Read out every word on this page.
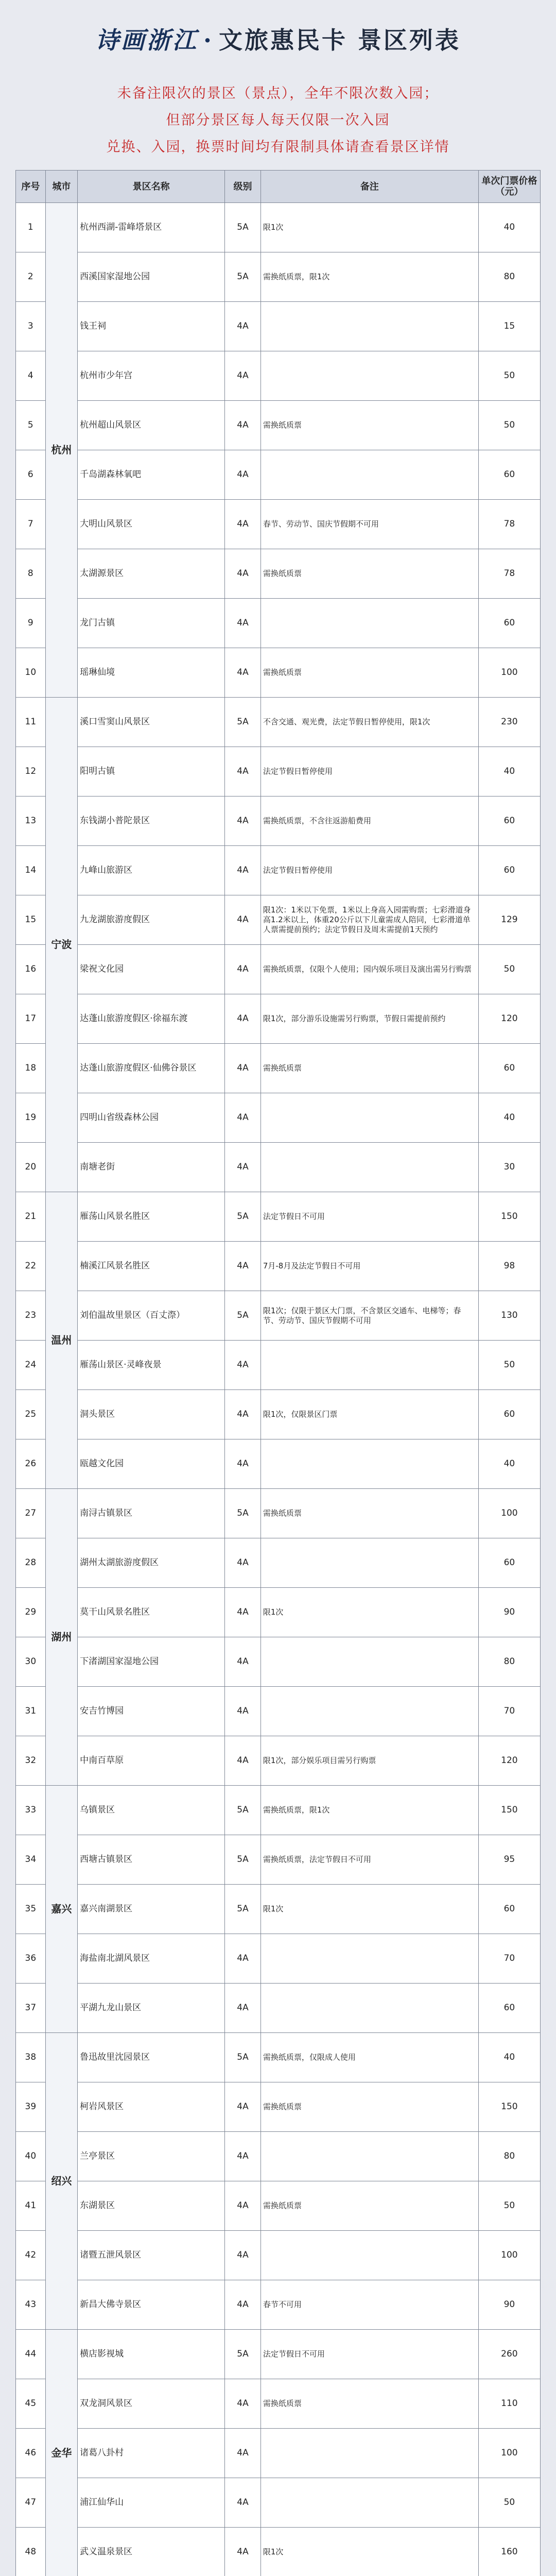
诗画浙江 · 文旅惠民卡 景区列表
未备注限次的景区（景点），全年不限次数入园；
但部分景区每人每天仅限一次入园
兑换、入园，换票时间均有限制具体请查看景区详情
序号	城市	景区名称	级别	备注	单次门票价格（元）
1	杭州	杭州西湖-雷峰塔景区	5A	限1次	40
2		西溪国家湿地公园	5A	需换纸质票，限1次	80
3		钱王祠	4A		15
4		杭州市少年宫	4A		50
5		杭州超山风景区	4A	需换纸质票	50
6		千岛湖森林氧吧	4A		60
7		大明山风景区	4A	春节、劳动节、国庆节假期不可用	78
8		太湖源景区	4A	需换纸质票	78
9		龙门古镇	4A		60
10		瑶琳仙境	4A	需换纸质票	100
11	宁波	溪口雪窦山风景区	5A	不含交通、观光费，法定节假日暂停使用，限1次	230
12		阳明古镇	4A	法定节假日暂停使用	40
13		东钱湖小普陀景区	4A	需换纸质票，不含往返游船费用	60
14		九峰山旅游区	4A	法定节假日暂停使用	60
15		九龙湖旅游度假区	4A	限1次：1米以下免票，1米以上身高入园需购票；七彩滑道身高1.2米以上，体重20公斤以下儿童需成人陪同，七彩滑道单人票需提前预约；法定节假日及周末需提前1天预约	129
16		梁祝文化园	4A	需换纸质票，仅限个人使用；园内娱乐项目及演出需另行购票	50
17		达蓬山旅游度假区·徐福东渡	4A	限1次，部分游乐设施需另行购票，节假日需提前预约	120
18		达蓬山旅游度假区·仙佛谷景区	4A	需换纸质票	60
19		四明山省级森林公园	4A		40
20		南塘老街	4A		30
21	温州	雁荡山风景名胜区	5A	法定节假日不可用	150
22		楠溪江风景名胜区	4A	7月-8月及法定节假日不可用	98
23		刘伯温故里景区（百丈漈）	5A	限1次；仅限于景区大门票，不含景区交通车、电梯等；春节、劳动节、国庆节假期不可用	130
24		雁荡山景区·灵峰夜景	4A		50
25		洞头景区	4A	限1次，仅限景区门票	60
26		瓯越文化园	4A		40
27	湖州	南浔古镇景区	5A	需换纸质票	100
28		湖州太湖旅游度假区	4A		60
29		莫干山风景名胜区	4A	限1次	90
30		下渚湖国家湿地公园	4A		80
31		安吉竹博园	4A		70
32		中南百草原	4A	限1次，部分娱乐项目需另行购票	120
33	嘉兴	乌镇景区	5A	需换纸质票，限1次	150
34		西塘古镇景区	5A	需换纸质票，法定节假日不可用	95
35		嘉兴南湖景区	5A	限1次	60
36		海盐南北湖风景区	4A		70
37		平湖九龙山景区	4A		60
38	绍兴	鲁迅故里沈园景区	5A	需换纸质票，仅限成人使用	40
39		柯岩风景区	4A	需换纸质票	150
40		兰亭景区	4A		80
41		东湖景区	4A	需换纸质票	50
42		诸暨五泄风景区	4A		100
43		新昌大佛寺景区	4A	春节不可用	90
44	金华	横店影视城	5A	法定节假日不可用	260
45		双龙洞风景区	4A	需换纸质票	110
46		诸葛八卦村	4A		100
47		浦江仙华山	4A		50
48		武义温泉景区	4A	限1次	160
